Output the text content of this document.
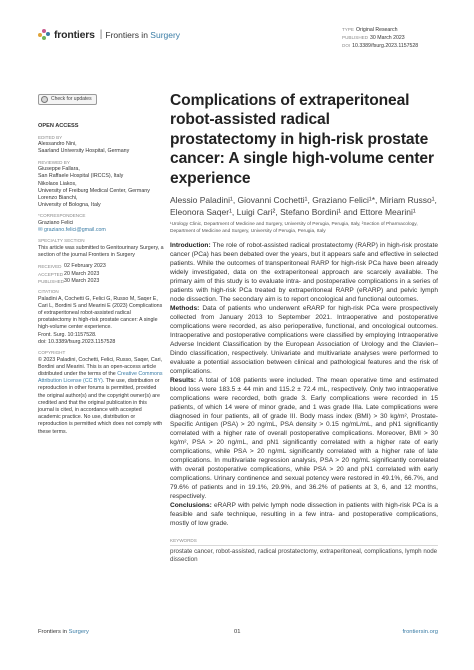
frontiers | Frontiers in Surgery	TYPE Original Research
PUBLISHED 30 March 2023
DOI 10.3389/fsurg.2023.1157528
Check for updates
OPEN ACCESS
EDITED BY
Alessandro Nini,
Saarland University Hospital, Germany
REVIEWED BY
Giuseppe Fallara,
San Raffaele Hospital (IRCCS), Italy
Nikolaos Liakos,
University of Freiburg Medical Center, Germany
Lorenzo Bianchi,
University of Bologna, Italy
*CORRESPONDENCE
Graziano Felici
✉ graziano.felici@gmail.com
SPECIALTY SECTION
This article was submitted to Genitourinary Surgery, a section of the journal Frontiers in Surgery
RECEIVED 02 February 2023
ACCEPTED 20 March 2023
PUBLISHED 30 March 2023
CITATION
Paladini A, Cochetti G, Felici G, Russo M, Saqer E, Cari L, Bordini S and Mearini E (2023) Complications of extraperitoneal robot-assisted radical prostatectomy in high-risk prostate cancer: A single high-volume center experience.
Front. Surg. 10:1157528.
doi: 10.3389/fsurg.2023.1157528
COPYRIGHT
© 2023 Paladini, Cochetti, Felici, Russo, Saqer, Cari, Bordini and Mearini. This is an open-access article distributed under the terms of the Creative Commons Attribution License (CC BY). The use, distribution or reproduction in other forums is permitted, provided the original author(s) and the copyright owner(s) are credited and that the original publication in this journal is cited, in accordance with accepted academic practice. No use, distribution or reproduction is permitted which does not comply with these terms.
Complications of extraperitoneal robot-assisted radical prostatectomy in high-risk prostate cancer: A single high-volume center experience
Alessio Paladini¹, Giovanni Cochetti¹, Graziano Felici¹*, Miriam Russo¹, Eleonora Saqer¹, Luigi Cari², Stefano Bordini¹ and Ettore Mearini¹
¹Urology Clinic, Department of Medicine and Surgery, University of Perugia, Perugia, Italy, ²Section of Pharmacology, Department of Medicine and Surgery, University of Perugia, Perugia, Italy

Introduction: The role of robot-assisted radical prostatectomy (RARP) in high-risk prostate cancer (PCa) has been debated over the years, but it appears safe and effective in selected patients. While the outcomes of transperitoneal RARP for high-risk PCa have been already widely investigated, data on the extraperitoneal approach are scarcely available. The primary aim of this study is to evaluate intra- and postoperative complications in a series of patients with high-risk PCa treated by extraperitoneal RARP (eRARP) and pelvic lymph node dissection. The secondary aim is to report oncological and functional outcomes.

Methods: Data of patients who underwent eRARP for high-risk PCa were prospectively collected from January 2013 to September 2021. Intraoperative and postoperative complications were recorded, as also perioperative, functional, and oncological outcomes. Intraoperative and postoperative complications were classified by employing Intraoperative Adverse Incident Classification by the European Association of Urology and the Clavien–Dindo classification, respectively. Univariate and multivariate analyses were performed to evaluate a potential association between clinical and pathological features and the risk of complications.

Results: A total of 108 patients were included. The mean operative time and estimated blood loss were 183.5 ± 44 min and 115.2 ± 72.4 mL, respectively. Only two intraoperative complications were recorded, both grade 3. Early complications were recorded in 15 patients, of which 14 were of minor grade, and 1 was grade IIIa. Late complications were diagnosed in four patients, all of grade III. Body mass index (BMI) > 30 kg/m², Prostate-Specific Antigen (PSA) > 20 ng/mL, PSA density > 0.15 ng/mL/mL, and pN1 significantly correlated with a higher rate of overall postoperative complications. Moreover, BMI > 30 kg/m², PSA > 20 ng/mL, and pN1 significantly correlated with a higher rate of early complications, while PSA > 20 ng/mL significantly correlated with a higher rate of late complications. In multivariate regression analysis, PSA > 20 ng/mL significantly correlated with overall postoperative complications, while PSA > 20 and pN1 correlated with early complications. Urinary continence and sexual potency were restored in 49.1%, 66.7%, and 79.6% of patients and in 19.1%, 29.9%, and 36.2% of patients at 3, 6, and 12 months, respectively.

Conclusions: eRARP with pelvic lymph node dissection in patients with high-risk PCa is a feasible and safe technique, resulting in a few intra- and postoperative complications, mostly of low grade.

KEYWORDS
prostate cancer, robot-assisted, radical prostatectomy, extraperitoneal, complications, lymph node dissection
Frontiers in Surgery	01	frontiersin.org
